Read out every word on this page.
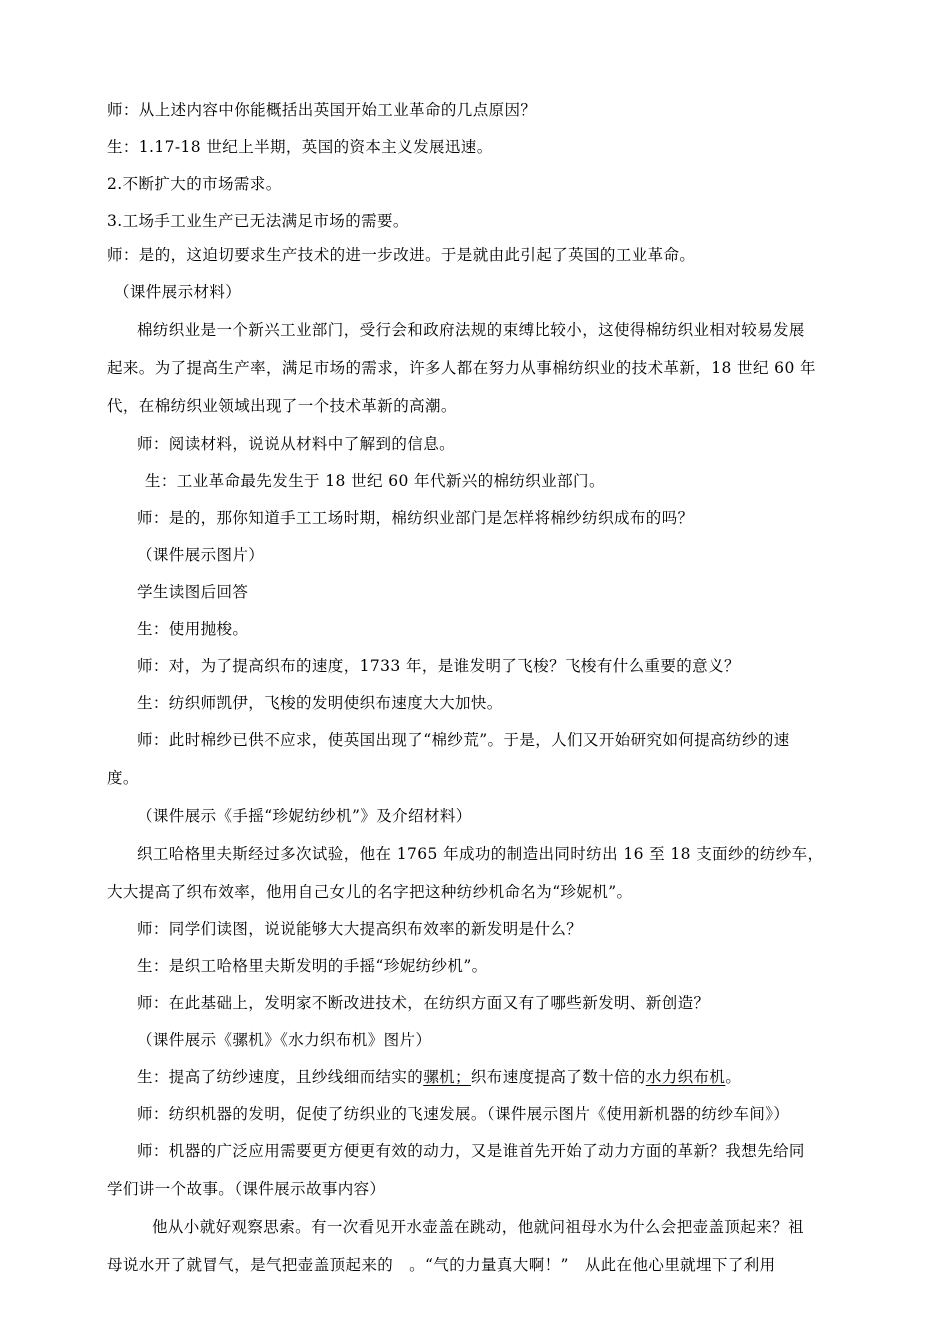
师：从上述内容中你能概括出英国开始工业革命的几点原因？
生：1.17-18 世纪上半期，英国的资本主义发展迅速。
2.不断扩大的市场需求。
3.工场手工业生产已无法满足市场的需要。
师：是的，这迫切要求生产技术的进一步改进。于是就由此引起了英国的工业革命。
（课件展示材料）
棉纺织业是一个新兴工业部门，受行会和政府法规的束缚比较小，这使得棉纺织业相对较易发展
起来。为了提高生产率，满足市场的需求，许多人都在努力从事棉纺织业的技术革新，18 世纪 60 年
代，在棉纺织业领域出现了一个技术革新的高潮。
师：阅读材料，说说从材料中了解到的信息。
生：工业革命最先发生于 18 世纪 60 年代新兴的棉纺织业部门。
师：是的，那你知道手工工场时期，棉纺织业部门是怎样将棉纱纺织成布的吗？
（课件展示图片）
学生读图后回答
生：使用抛梭。
师：对，为了提高织布的速度，1733 年，是谁发明了飞梭？飞梭有什么重要的意义？
生：纺织师凯伊，飞梭的发明使织布速度大大加快。
师：此时棉纱已供不应求，使英国出现了“棉纱荒”。于是，人们又开始研究如何提高纺纱的速
度。
（课件展示《手摇“珍妮纺纱机”》及介绍材料）
织工哈格里夫斯经过多次试验，他在 1765 年成功的制造出同时纺出 16 至 18 支面纱的纺纱车，
大大提高了织布效率，他用自己女儿的名字把这种纺纱机命名为“珍妮机”。
师：同学们读图，说说能够大大提高织布效率的新发明是什么？
生：是织工哈格里夫斯发明的手摇“珍妮纺纱机”。
师：在此基础上，发明家不断改进技术，在纺织方面又有了哪些新发明、新创造？
（课件展示《骡机》《水力织布机》图片）
生：提高了纺纱速度，且纱线细而结实的骡机；织布速度提高了数十倍的水力织布机。
师：纺织机器的发明，促使了纺织业的飞速发展。（课件展示图片《使用新机器的纺纱车间》）
师：机器的广泛应用需要更方便更有效的动力，又是谁首先开始了动力方面的革新？我想先给同
学们讲一个故事。（课件展示故事内容）
他从小就好观察思索。有一次看见开水壶盖在跳动，他就问祖母水为什么会把壶盖顶起来？祖
母说水开了就冒气，是气把壶盖顶起来的　。“气的力量真大啊！”　从此在他心里就埋下了利用
